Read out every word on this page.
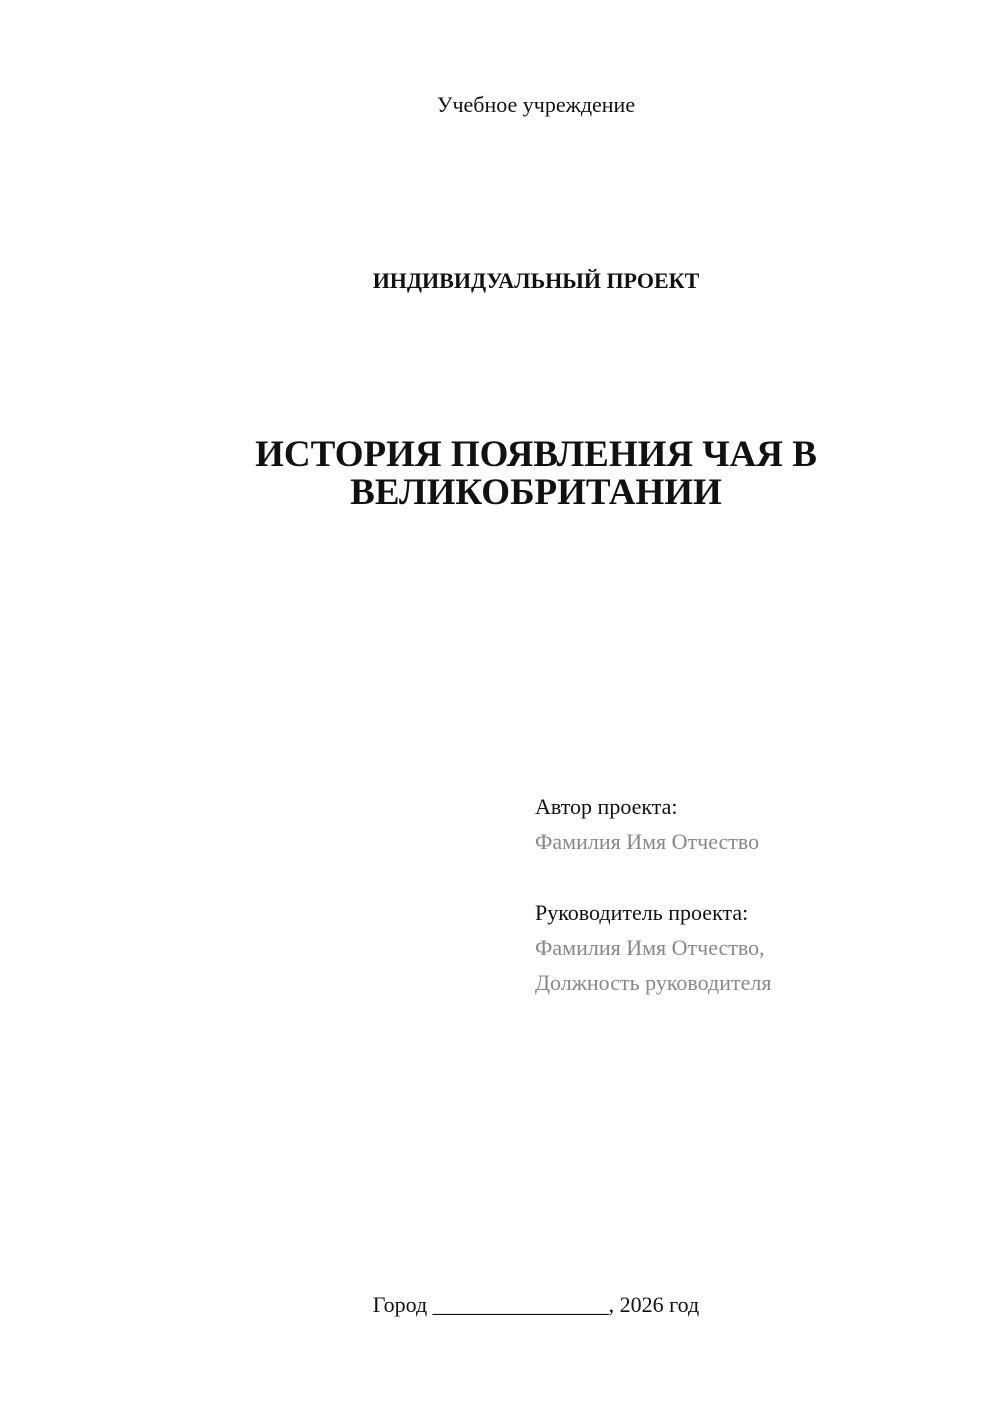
Учебное учреждение

ИНДИВИДУАЛЬНЫЙ ПРОЕКТ

ИСТОРИЯ ПОЯВЛЕНИЯ ЧАЯ В
ВЕЛИКОБРИТАНИИ

Автор проекта:

Фамилия Имя Отчество

Руководитель проекта:

Фамилия Имя Отчество,

Должность руководителя

Город ________________, 2026 год
